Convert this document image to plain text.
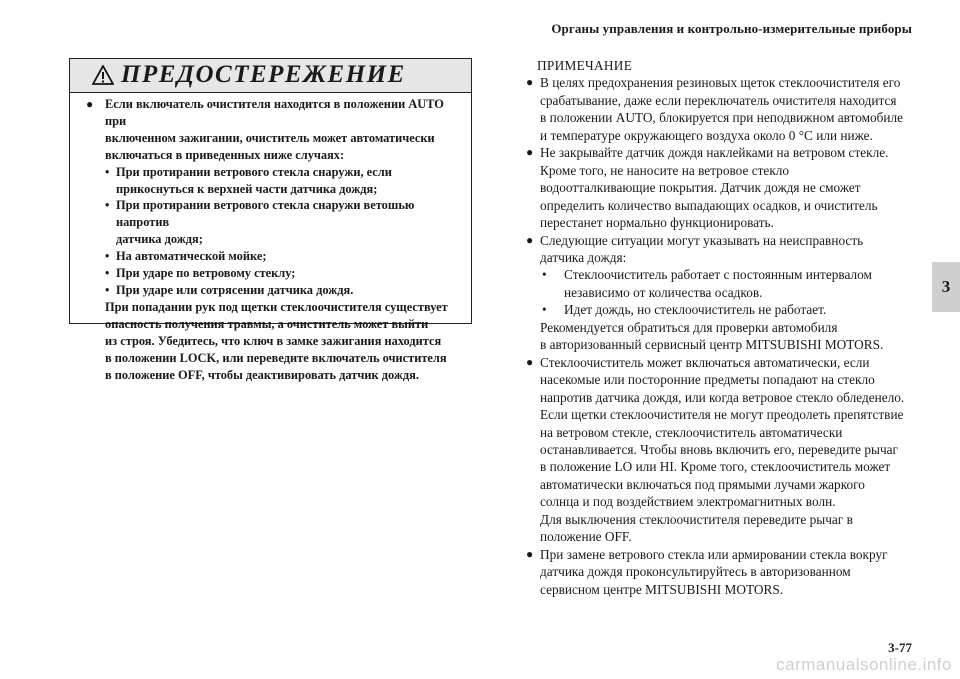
Органы управления и контрольно-измерительные приборы
3
ПРЕДОСТЕРЕЖЕНИЕ
● Если включатель очистителя находится в положении AUTO при
включенном зажигании, очиститель может автоматически
включаться в приведенных ниже случаях:
• При протирании ветрового стекла снаружи, если
прикоснуться к верхней части датчика дождя;
• При протирании ветрового стекла снаружи ветошью напротив
датчика дождя;
• На автоматической мойке;
• При ударе по ветровому стеклу;
• При ударе или сотрясении датчика дождя.
При попадании рук под щетки стеклоочистителя существует
опасность получения травмы, а очиститель может выйти
из строя. Убедитесь, что ключ в замке зажигания находится
в положении LOCK, или переведите включатель очистителя
в положение OFF, чтобы деактивировать датчик дождя.
ПРИМЕЧАНИЕ
● В целях предохранения резиновых щеток стеклоочистителя его
срабатывание, даже если переключатель очистителя находится
в положении AUTO, блокируется при неподвижном автомобиле
и температуре окружающего воздуха около 0 °C или ниже.
● Не закрывайте датчик дождя наклейками на ветровом стекле.
Кроме того, не наносите на ветровое стекло
водоотталкивающие покрытия. Датчик дождя не сможет
определить количество выпадающих осадков, и очиститель
перестанет нормально функционировать.
● Следующие ситуации могут указывать на неисправность
датчика дождя:
• Стеклоочиститель работает с постоянным интервалом
независимо от количества осадков.
• Идет дождь, но стеклоочиститель не работает.
Рекомендуется обратиться для проверки автомобиля
в авторизованный сервисный центр MITSUBISHI MOTORS.
● Стеклоочиститель может включаться автоматически, если
насекомые или посторонние предметы попадают на стекло
напротив датчика дождя, или когда ветровое стекло обледенело.
Если щетки стеклоочистителя не могут преодолеть препятствие
на ветровом стекле, стеклоочиститель автоматически
останавливается. Чтобы вновь включить его, переведите рычаг
в положение LO или HI. Кроме того, стеклоочиститель может
автоматически включаться под прямыми лучами жаркого
солнца и под воздействием электромагнитных волн.
Для выключения стеклоочистителя переведите рычаг в
положение OFF.
● При замене ветрового стекла или армировании стекла вокруг
датчика дождя проконсультируйтесь в авторизованном
сервисном центре MITSUBISHI MOTORS.
3-77
carmanualsonline.info
